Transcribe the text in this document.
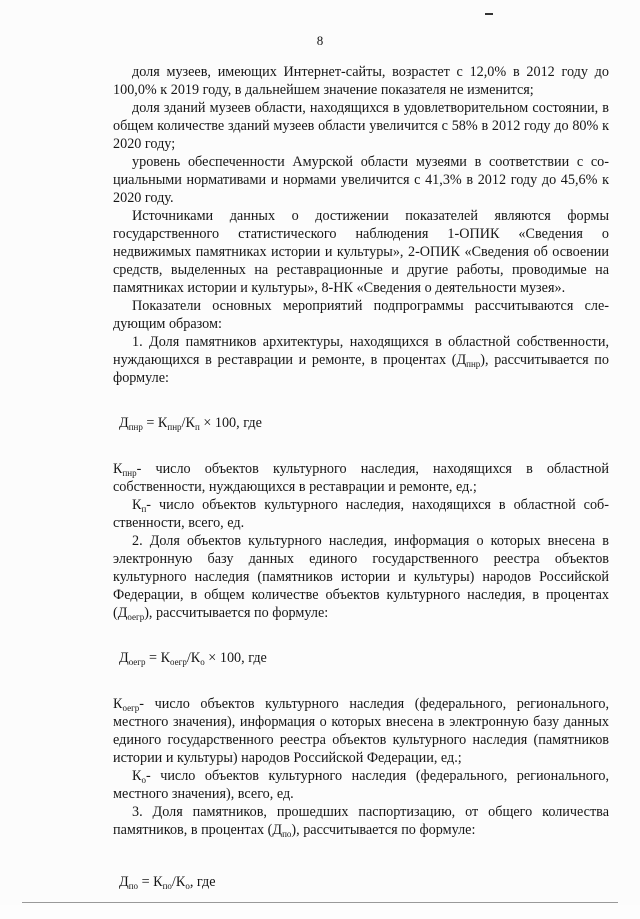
8

доля музеев, имеющих Интернет-сайты, возрастет с 12,0% в 2012 году до 100,0% к 2019 году, в дальнейшем значение показателя не изменится;

доля зданий музеев области, находящихся в удовлетворительном состоянии, в общем количестве зданий музеев области увеличится с 58% в 2012 году до 80% к 2020 году;

уровень обеспеченности Амурской области музеями в соответствии с социальными нормативами и нормами увеличится с 41,3% в 2012 году до 45,6% к 2020 году.

Источниками данных о достижении показателей являются формы государственного статистического наблюдения 1-ОПИК «Сведения о недвижимых памятниках истории и культуры», 2-ОПИК «Сведения об освоении средств, выделенных на реставрационные и другие работы, проводимые на памятниках истории и культуры», 8-НК «Сведения о деятельности музея».

Показатели основных мероприятий подпрограммы рассчитываются следующим образом:

1. Доля памятников архитектуры, находящихся в областной собственности, нуждающихся в реставрации и ремонте, в процентах $(Д_{пнр})$, рассчитывается по формуле:

$Д_{пнр} = К_{пнр}/К_п \times 100$, где

$К_{пнр}-$ число объектов культурного наследия, находящихся в областной собственности, нуждающихся в реставрации и ремонте, ед.;

$К_п-$ число объектов культурного наследия, находящихся в областной собственности, всего, ед.

2. Доля объектов культурного наследия, информация о которых внесена в электронную базу данных единого государственного реестра объектов культурного наследия (памятников истории и культуры) народов Российской Федерации, в общем количестве объектов культурного наследия, в процентах $(Д_{оегр})$, рассчитывается по формуле:

$Д_{оегр} = К_{оегр}/К_о \times 100$, где

$К_{оегр}-$ число объектов культурного наследия (федерального, регионального, местного значения), информация о которых внесена в электронную базу данных единого государственного реестра объектов культурного наследия (памятников истории и культуры) народов Российской Федерации, ед.;

$К_о-$ число объектов культурного наследия (федерального, регионального, местного значения), всего, ед.

3. Доля памятников, прошедших паспортизацию, от общего количества памятников, в процентах $(Д_{по})$, рассчитывается по формуле:

$Д_{по} = К_{по}/К_о$, где
